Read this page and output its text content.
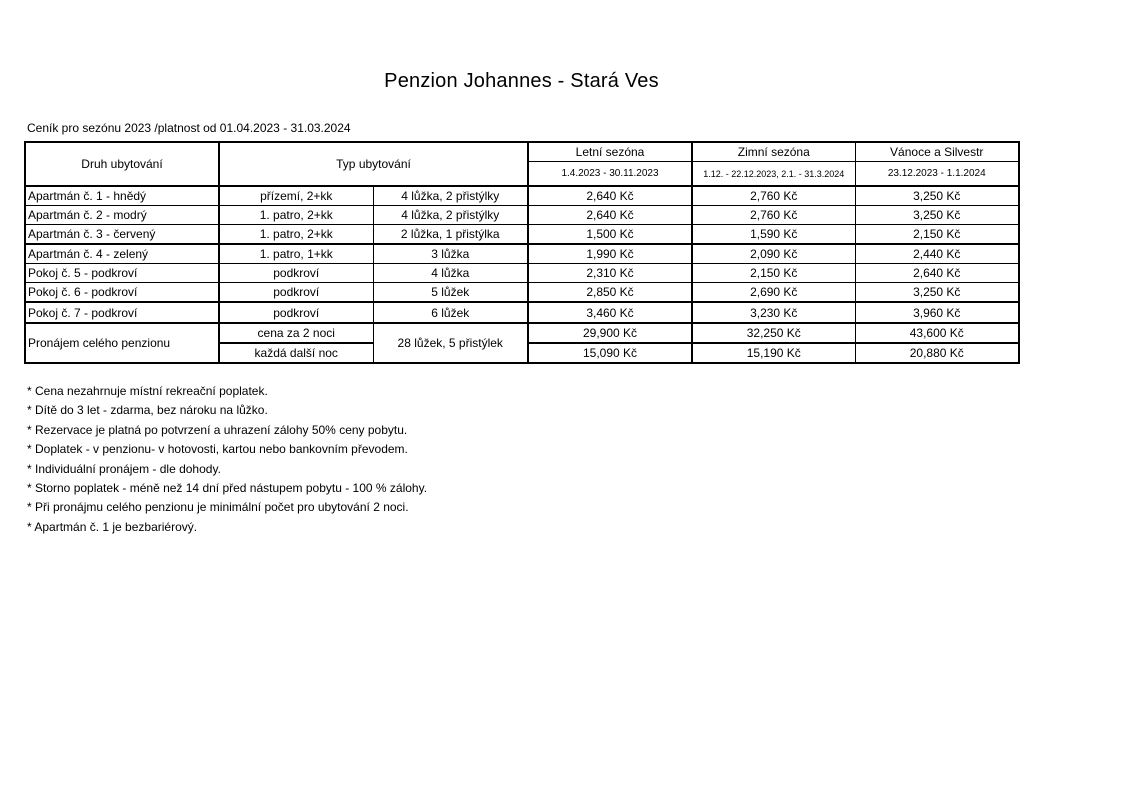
Penzion Johannes - Stará Ves
Ceník pro sezónu 2023 /platnost od 01.04.2023 - 31.03.2024
Druh ubytování	Typ ubytování		Letní sezóna	Zimní sezóna	Vánoce a Silvestr
			1.4.2023 - 30.11.2023	1.12. - 22.12.2023, 2.1. - 31.3.2024	23.12.2023 - 1.1.2024
Apartmán č. 1 - hnědý	přízemí, 2+kk	4 lůžka, 2 přistýlky	2,640 Kč	2,760 Kč	3,250 Kč
Apartmán č. 2 - modrý	1. patro, 2+kk	4 lůžka, 2 přistýlky	2,640 Kč	2,760 Kč	3,250 Kč
Apartmán č. 3 - červený	1. patro, 2+kk	2 lůžka, 1 přistýlka	1,500 Kč	1,590 Kč	2,150 Kč
Apartmán č. 4 - zelený	1. patro, 1+kk	3 lůžka	1,990 Kč	2,090 Kč	2,440 Kč
Pokoj č. 5 - podkroví	podkroví	4 lůžka	2,310 Kč	2,150 Kč	2,640 Kč
Pokoj č. 6 - podkroví	podkroví	5 lůžek	2,850 Kč	2,690 Kč	3,250 Kč
Pokoj č. 7 - podkroví	podkroví	6 lůžek	3,460 Kč	3,230 Kč	3,960 Kč
Pronájem celého penzionu	cena za 2 noci	28 lůžek, 5 přistýlek	29,900 Kč	32,250 Kč	43,600 Kč
	každá další noc		15,090 Kč	15,190 Kč	20,880 Kč
* Cena nezahrnuje místní rekreační poplatek.
* Dítě do 3 let - zdarma, bez nároku na lůžko.
* Rezervace je platná po potvrzení a uhrazení zálohy 50% ceny pobytu.
* Doplatek - v penzionu- v hotovosti, kartou nebo bankovním převodem.
* Individuální pronájem - dle dohody.
* Storno poplatek - méně než 14 dní před nástupem pobytu - 100 % zálohy.
* Při pronájmu celého penzionu je minimální počet pro ubytování 2 noci.
* Apartmán č. 1 je bezbariérový.
